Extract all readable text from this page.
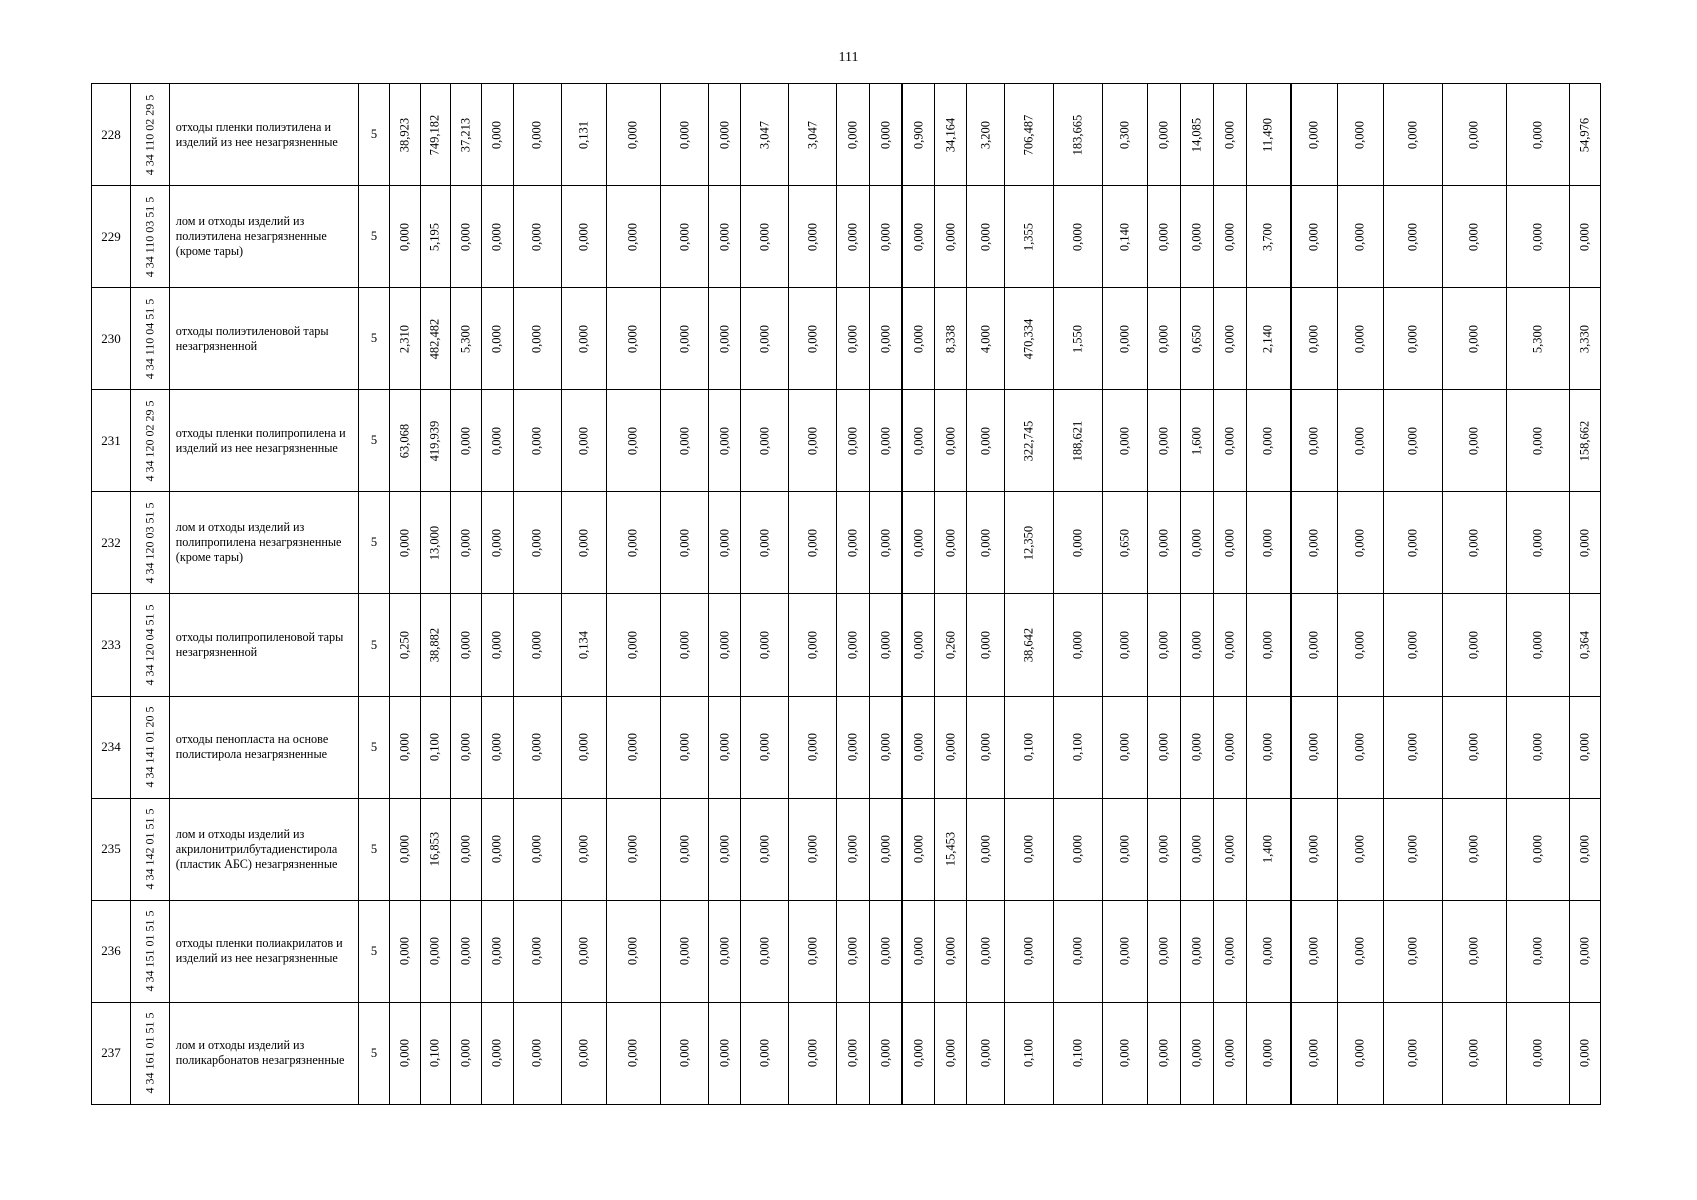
111
228	4 34 110 02 29 5	отходы пленки полиэтилена и изделий из нее незагрязненные	5	38,923	749,182	37,213	0,000	0,000	0,131	0,000	0,000	0,000	3,047	3,047	0,000	0,000	0,900	34,164	3,200	706,487	183,665	0,300	0,000	14,085	0,000	11,490	0,000	0,000	0,000	0,000	0,000	54,976

229	4 34 110 03 51 5	лом и отходы изделий из полиэтилена незагрязненные (кроме тары)	5	0,000	5,195	0,000	0,000	0,000	0,000	0,000	0,000	0,000	0,000	0,000	0,000	0,000	0,000	0,000	0,000	1,355	0,000	0,140	0,000	0,000	0,000	3,700	0,000	0,000	0,000	0,000	0,000	0,000

230	4 34 110 04 51 5	отходы полиэтиленовой тары незагрязненной	5	2,310	482,482	5,300	0,000	0,000	0,000	0,000	0,000	0,000	0,000	0,000	0,000	0,000	0,000	8,338	4,000	470,334	1,550	0,000	0,000	0,650	0,000	2,140	0,000	0,000	0,000	0,000	5,300	3,330

231	4 34 120 02 29 5	отходы пленки полипропилена и изделий из нее незагрязненные	5	63,068	419,939	0,000	0,000	0,000	0,000	0,000	0,000	0,000	0,000	0,000	0,000	0,000	0,000	0,000	0,000	322,745	188,621	0,000	0,000	1,600	0,000	0,000	0,000	0,000	0,000	0,000	0,000	158,662

232	4 34 120 03 51 5	лом и отходы изделий из полипропилена незагрязненные (кроме тары)	5	0,000	13,000	0,000	0,000	0,000	0,000	0,000	0,000	0,000	0,000	0,000	0,000	0,000	0,000	0,000	0,000	12,350	0,000	0,650	0,000	0,000	0,000	0,000	0,000	0,000	0,000	0,000	0,000	0,000

233	4 34 120 04 51 5	отходы полипропиленовой тары незагрязненной	5	0,250	38,882	0,000	0,000	0,000	0,134	0,000	0,000	0,000	0,000	0,000	0,000	0,000	0,000	0,260	0,000	38,642	0,000	0,000	0,000	0,000	0,000	0,000	0,000	0,000	0,000	0,000	0,000	0,364

234	4 34 141 01 20 5	отходы пенопласта на основе полистирола незагрязненные	5	0,000	0,100	0,000	0,000	0,000	0,000	0,000	0,000	0,000	0,000	0,000	0,000	0,000	0,000	0,000	0,000	0,100	0,100	0,000	0,000	0,000	0,000	0,000	0,000	0,000	0,000	0,000	0,000	0,000

235	4 34 142 01 51 5	лом и отходы изделий из акрилонитрилбутадиенстирола (пластик АБС) незагрязненные	5	0,000	16,853	0,000	0,000	0,000	0,000	0,000	0,000	0,000	0,000	0,000	0,000	0,000	0,000	15,453	0,000	0,000	0,000	0,000	0,000	0,000	0,000	1,400	0,000	0,000	0,000	0,000	0,000	0,000

236	4 34 151 01 51 5	отходы пленки полиакрилатов и изделий из нее незагрязненные	5	0,000	0,000	0,000	0,000	0,000	0,000	0,000	0,000	0,000	0,000	0,000	0,000	0,000	0,000	0,000	0,000	0,000	0,000	0,000	0,000	0,000	0,000	0,000	0,000	0,000	0,000	0,000	0,000	0,000

237	4 34 161 01 51 5	лом и отходы изделий из поликарбонатов незагрязненные	5	0,000	0,100	0,000	0,000	0,000	0,000	0,000	0,000	0,000	0,000	0,000	0,000	0,000	0,000	0,000	0,000	0,100	0,100	0,000	0,000	0,000	0,000	0,000	0,000	0,000	0,000	0,000	0,000	0,000
